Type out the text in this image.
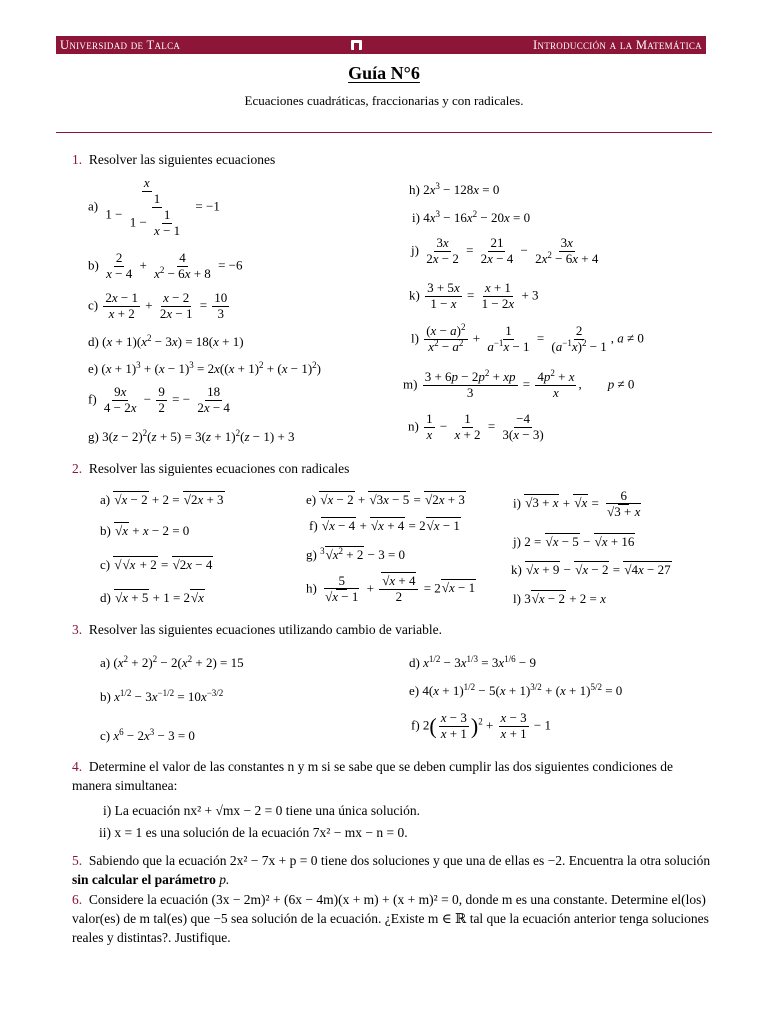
Universidad de Talca	Introducción a la Matemática
Guía N°6
Ecuaciones cuadráticas, fraccionarias y con radicales.
1. Resolver las siguientes ecuaciones
$a) \frac{x}{1 - \frac{1}{1 - \frac{1}{x - 1}}} = -1$
$b) \frac{2}{x - 4} + \frac{4}{x^2 - 6x + 8} = -6$
$c) \frac{2x - 1}{x + 2} + \frac{x - 2}{2x - 1} = \frac{10}{3}$
d) $(x + 1)(x^2 - 3x) = 18(x + 1)$
e) $(x + 1)^3 + (x - 1)^3 = 2x((x + 1)^2 + (x - 1)^2)$
$f) \frac{9x}{4 - 2x} - \frac{9}{2}$ = − $\frac{18}{2x - 4}$
g) $3(z - 2)^2(z + 5) = 3(z + 1)^2(z - 1) + 3$
h) $2x^3 - 128x = 0$
i) $4x^3 - 16x^2 - 20x = 0$
$j) \frac{3x}{2x - 2} = \frac{21}{2x - 4} - \frac{3x}{2x^2 - 6x + 4}$
$k) \frac{3 + 5x}{1 - x} = \frac{x + 1}{1 - 2x} + 3$
$l) \frac{(x - a)^2}{x^2 - a^2} + \frac{1}{a^{-1}x - 1} = \frac{2}{(a^{-1}x)^2 - 1}$ , a ≠ 0
$m) \frac{3 + 6p - 2p^2 + xp}{3} = \frac{4p^2 + x}{x}$ ,        p ≠ 0
$n) \frac{1}{x} - \frac{1}{x + 2} = \frac{-4}{3(x - 3)}$
2. Resolver las siguientes ecuaciones con radicales
a) √ x − 2 + 2 = √ 2x + 3
b) √ x + x − 2 = 0
c) √ √ x + 2 = √ 2x − 4
d) √ x + 5 + 1 = 2√ x
e) √ x − 2 + √ 3x − 5 = √ 2x + 3
f) √ x − 4 + √ x + 4 = 2√ x − 1
g) $^3$√ $x^2 + 2 - 3 = 0$
h) 5
√ x − 1 +
√ $\frac{x + 4}{2} = 2√$ x − 1
i) √ 3 + x + √ x = 6
√ 3 + x
j) 2 = √ x − 5 − √ x + 16
k) √ x + 9 − √ x − 2 = √ 4x − 27
l) 3√ x − 2 + 2 = x
3. Resolver las siguientes ecuaciones utilizando cambio de variable.
a) $(x^2 + 2)^2 - 2(x^2 + 2) = 15$
b) $x^{1/2} - 3x^{-1/2} = 10x^{-3/2}$
c) $x^6 - 2x^3 - 3 = 0$
d) $x^{1/2} - 3x^{1/3} = 3x^{1/6} - 9$
e) $4(x + 1)^{1/2} - 5(x + 1)^{3/2} + (x + 1)^{5/2} = 0$
f) $2( \frac{x - 3}{x + 1} )^2 + \frac{x - 3}{x + 1} - 1$
4. Determine el valor de las constantes n y m si se sabe que se deben cumplir las dos siguientes condiciones de manera simultanea:
i) La ecuación nx² + √mx − 2 = 0 tiene una única solución.
ii) x = 1 es una solución de la ecuación 7x² − mx − n = 0.
5. Sabiendo que la ecuación 2x² − 7x + p = 0 tiene dos soluciones y que una de ellas es −2. Encuentra la otra solución sin calcular el parámetro p.
6. Considere la ecuación (3x − 2m)² + (6x − 4m)(x + m) + (x + m)² = 0, donde m es una constante. Determine el(los) valor(es) de m tal(es) que −5 sea solución de la ecuación. ¿Existe m ∈ ℝ tal que la ecuación anterior tenga soluciones reales y distintas?. Justifique.
